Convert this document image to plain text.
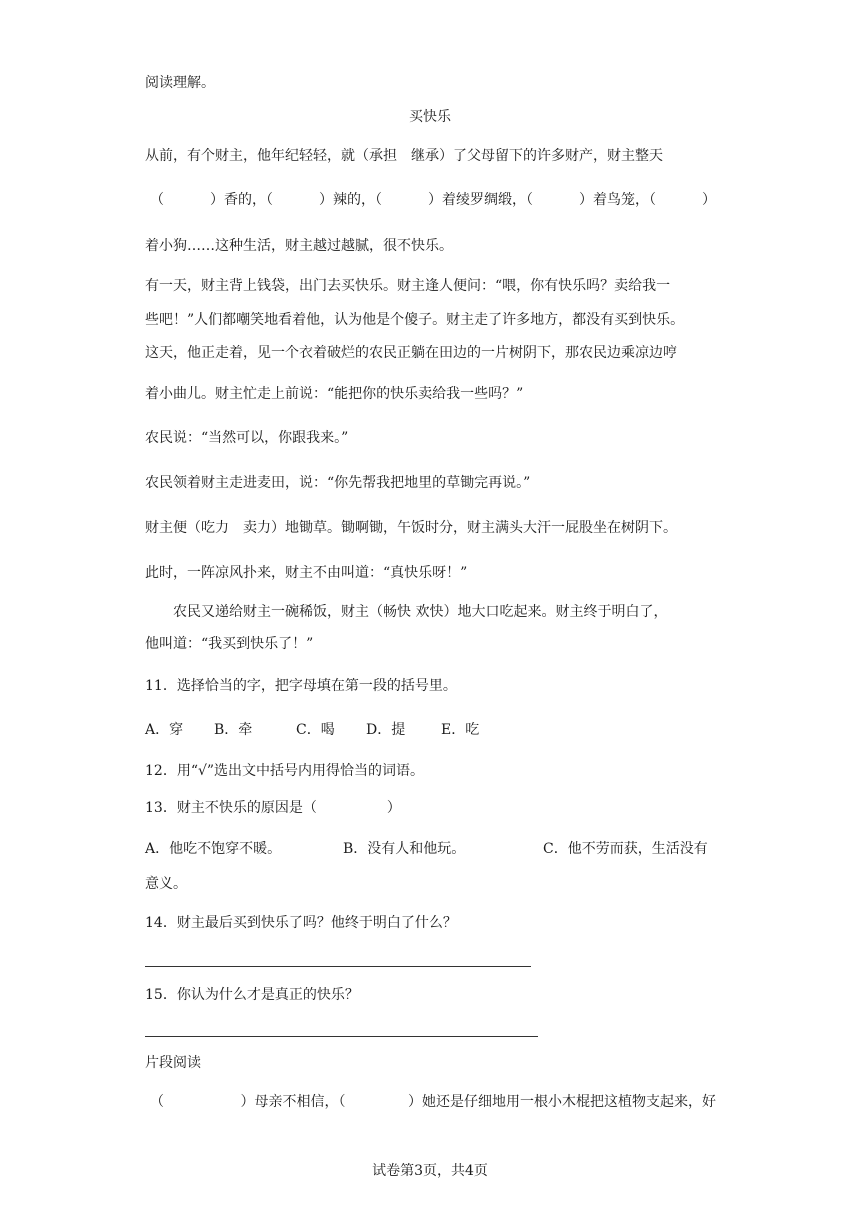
阅读理解。
买快乐
从前，有个财主，他年纪轻轻，就（承担　继承）了父母留下的许多财产，财主整天
（ 　　　）香的，（ 　　　）辣的，（ 　　　）着绫罗绸缎，（ 　　　）着鸟笼，（ 　　　）
着小狗……这种生活，财主越过越腻，很不快乐。
有一天，财主背上钱袋，出门去买快乐。财主逢人便问：“喂，你有快乐吗？卖给我一
些吧！”人们都嘲笑地看着他，认为他是个傻子。财主走了许多地方，都没有买到快乐。
这天，他正走着，见一个衣着破烂的农民正躺在田边的一片树阴下，那农民边乘凉边哼
着小曲儿。财主忙走上前说：“能把你的快乐卖给我一些吗？”
农民说：“当然可以，你跟我来。”
农民领着财主走进麦田，说：“你先帮我把地里的草锄完再说。”
财主便（吃力　卖力）地锄草。锄啊锄，午饭时分，财主满头大汗一屁股坐在树阴下。
此时，一阵凉风扑来，财主不由叫道：“真快乐呀！”
农民又递给财主一碗稀饭，财主（畅快 欢快）地大口吃起来。财主终于明白了，
他叫道：“我买到快乐了！”
11．选择恰当的字，把字母填在第一段的括号里。
A．穿 B．牵	C．喝 D．提	E．吃
12．用“√”选出文中括号内用得恰当的词语。
13．财主不快乐的原因是（　　　　　）
A．他吃不饱穿不暖。	B．没有人和他玩。	C．他不劳而获，生活没有
意义。
14．财主最后买到快乐了吗？他终于明白了什么？
15．你认为什么才是真正的快乐？
片段阅读
（ 　　　　）母亲不相信，（ 　　　）她还是仔细地用一根小木棍把这植物支起来，好
试卷第3页，共4页
